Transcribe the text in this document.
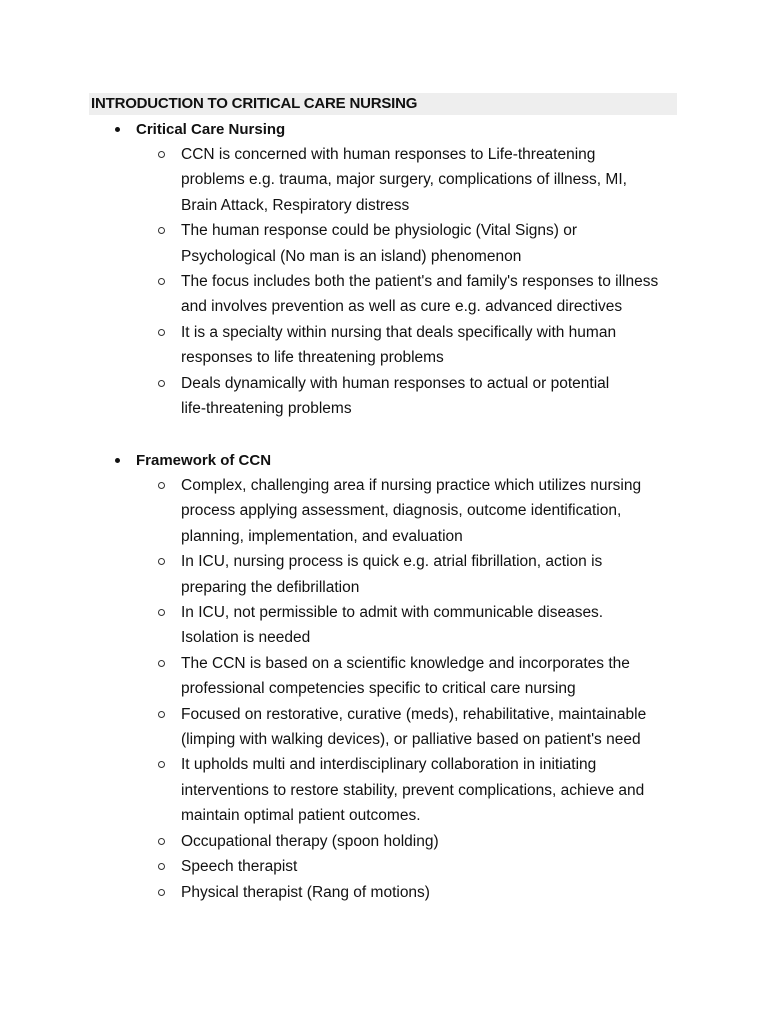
INTRODUCTION TO CRITICAL CARE NURSING
Critical Care Nursing
CCN is concerned with human responses to Life-threatening
problems e.g. trauma, major surgery, complications of illness, MI,
Brain Attack, Respiratory distress
The human response could be physiologic (Vital Signs) or
Psychological (No man is an island) phenomenon
The focus includes both the patient's and family's responses to illness
and involves prevention as well as cure e.g. advanced directives
It is a specialty within nursing that deals specifically with human
responses to life threatening problems
Deals dynamically with human responses to actual or potential
life-threatening problems
Framework of CCN
Complex, challenging area if nursing practice which utilizes nursing
process applying assessment, diagnosis, outcome identification,
planning, implementation, and evaluation
In ICU, nursing process is quick e.g. atrial fibrillation, action is
preparing the defibrillation
In ICU, not permissible to admit with communicable diseases.
Isolation is needed
The CCN is based on a scientific knowledge and incorporates the
professional competencies specific to critical care nursing
Focused on restorative, curative (meds), rehabilitative, maintainable
(limping with walking devices), or palliative based on patient's need
It upholds multi and interdisciplinary collaboration in initiating
interventions to restore stability, prevent complications, achieve and
maintain optimal patient outcomes.
Occupational therapy (spoon holding)
Speech therapist
Physical therapist (Rang of motions)
